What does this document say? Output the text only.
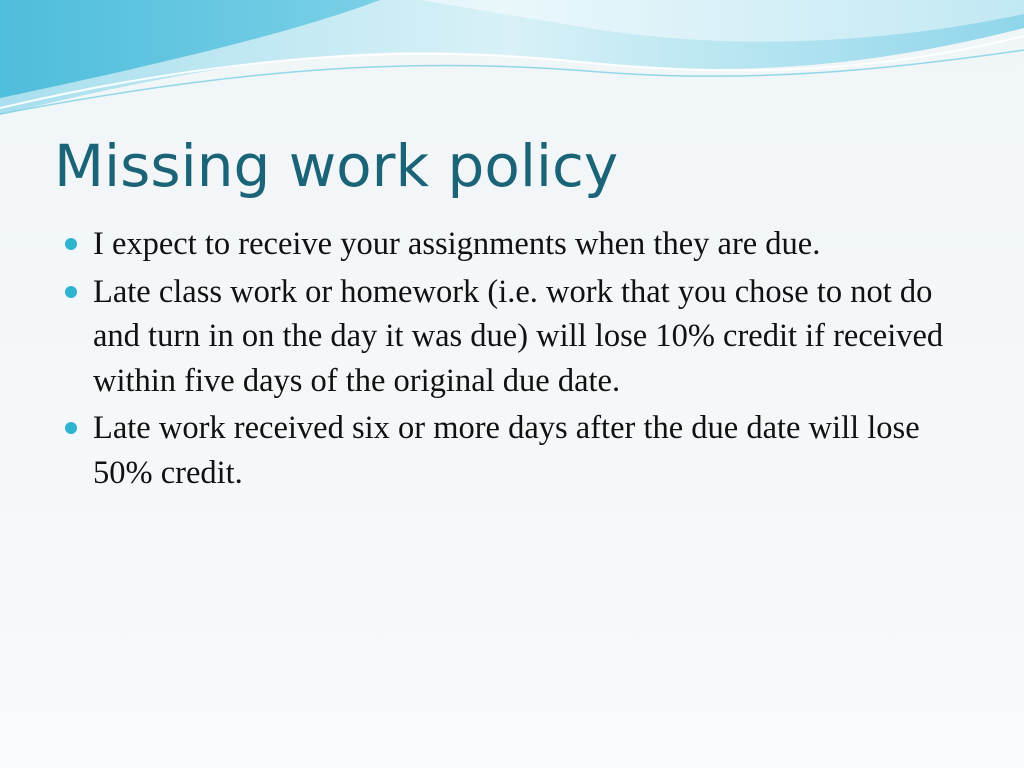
Missing work policy
I expect to receive your assignments when they are due.
Late class work or homework (i.e. work that you chose to not do and turn in on the day it was due) will lose 10% credit if received within five days of the original due date.
Late work received six or more days after the due date will lose 50% credit.
